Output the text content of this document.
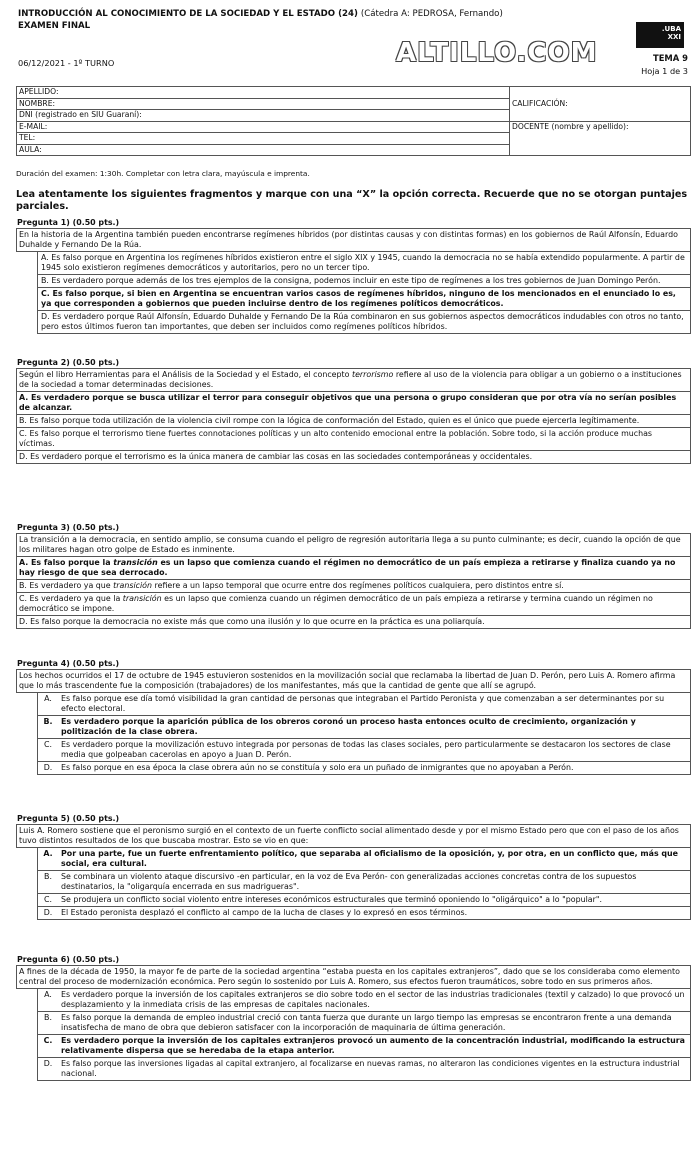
INTRODUCCIÓN AL CONOCIMIENTO DE LA SOCIEDAD Y EL ESTADO (24) (Cátedra A: PEDROSA, Fernando)
EXAMEN FINAL
06/12/2021 - 1º TURNO	ALTILLO.COM
.UBA
XXI
TEMA 9
Hoja 1 de 3
APELLIDO:	CALIFICACIÓN:
NOMBRE:	
DNI (registrado en SIU Guaraní):	
E-MAIL:	DOCENTE (nombre y apellido):
TEL:	
AULA:	
Duración del examen: 1:30h. Completar con letra clara, mayúscula e imprenta.
Lea atentamente los siguientes fragmentos y marque con una “X” la opción correcta. Recuerde que no se otorgan puntajes parciales.
Pregunta 1) (0.50 pts.)
En la historia de la Argentina también pueden encontrarse regímenes híbridos (por distintas causas y con distintas formas) en los gobiernos de Raúl Alfonsín, Eduardo Duhalde y Fernando De la Rúa.
A. Es falso porque en Argentina los regímenes híbridos existieron entre el siglo XIX y 1945, cuando la democracia no se había extendido popularmente. A partir de 1945 solo existieron regímenes democráticos y autoritarios, pero no un tercer tipo.
B. Es verdadero porque además de los tres ejemplos de la consigna, podemos incluir en este tipo de regímenes a los tres gobiernos de Juan Domingo Perón.
C. Es falso porque, si bien en Argentina se encuentran varios casos de regímenes híbridos, ninguno de los mencionados en el enunciado lo es, ya que corresponden a gobiernos que pueden incluirse dentro de los regímenes políticos democráticos.
D. Es verdadero porque Raúl Alfonsín, Eduardo Duhalde y Fernando De la Rúa combinaron en sus gobiernos aspectos democráticos indudables con otros no tanto, pero estos últimos fueron tan importantes, que deben ser incluidos como regímenes políticos híbridos.
Pregunta 2) (0.50 pts.)
Según el libro Herramientas para el Análisis de la Sociedad y el Estado, el concepto terrorismo refiere al uso de la violencia para obligar a un gobierno o a instituciones de la sociedad a tomar determinadas decisiones.
A. Es verdadero porque se busca utilizar el terror para conseguir objetivos que una persona o grupo consideran que por otra vía no serían posibles de alcanzar.
B. Es falso porque toda utilización de la violencia civil rompe con la lógica de conformación del Estado, quien es el único que puede ejercerla legítimamente.
C. Es falso porque el terrorismo tiene fuertes connotaciones políticas y un alto contenido emocional entre la población. Sobre todo, si la acción produce muchas víctimas.
D. Es verdadero porque el terrorismo es la única manera de cambiar las cosas en las sociedades contemporáneas y occidentales.
Pregunta 3) (0.50 pts.)
La transición a la democracia, en sentido amplio, se consuma cuando el peligro de regresión autoritaria llega a su punto culminante; es decir, cuando la opción de que los militares hagan otro golpe de Estado es inminente.
A. Es falso porque la transición es un lapso que comienza cuando el régimen no democrático de un país empieza a retirarse y finaliza cuando ya no hay riesgo de que sea derrocado.
B. Es verdadero ya que transición refiere a un lapso temporal que ocurre entre dos regímenes políticos cualquiera, pero distintos entre sí.
C. Es verdadero ya que la transición es un lapso que comienza cuando un régimen democrático de un país empieza a retirarse y termina cuando un régimen no democrático se impone.
D. Es falso porque la democracia no existe más que como una ilusión y lo que ocurre en la práctica es una poliarquía.
Pregunta 4) (0.50 pts.)
Los hechos ocurridos el 17 de octubre de 1945 estuvieron sostenidos en la movilización social que reclamaba la libertad de Juan D. Perón, pero Luis A. Romero afirma que lo más trascendente fue la composición (trabajadores) de los manifestantes, más que la cantidad de gente que allí se agrupó.
A.	Es falso porque ese día tomó visibilidad la gran cantidad de personas que integraban el Partido Peronista y que comenzaban a ser determinantes por su efecto electoral.
B.	Es verdadero porque la aparición pública de los obreros coronó un proceso hasta entonces oculto de crecimiento, organización y politización de la clase obrera.
C.	Es verdadero porque la movilización estuvo integrada por personas de todas las clases sociales, pero particularmente se destacaron los sectores de clase media que golpeaban cacerolas en apoyo a Juan D. Perón.
D.	Es falso porque en esa época la clase obrera aún no se constituía y solo era un puñado de inmigrantes que no apoyaban a Perón.
Pregunta 5) (0.50 pts.)
Luis A. Romero sostiene que el peronismo surgió en el contexto de un fuerte conflicto social alimentado desde y por el mismo Estado pero que con el paso de los años tuvo distintos resultados de los que buscaba mostrar. Esto se vio en que:
A.	Por una parte, fue un fuerte enfrentamiento político, que separaba al oficialismo de la oposición, y, por otra, en un conflicto que, más que social, era cultural.
B.	Se combinara un violento ataque discursivo -en particular, en la voz de Eva Perón- con generalizadas acciones concretas contra de los supuestos destinatarios, la "oligarquía encerrada en sus madrigueras".
C.	Se produjera un conflicto social violento entre intereses económicos estructurales que terminó oponiendo lo "oligárquico" a lo "popular".
D.	El Estado peronista desplazó el conflicto al campo de la lucha de clases y lo expresó en esos términos.
Pregunta 6) (0.50 pts.)
A fines de la década de 1950, la mayor fe de parte de la sociedad argentina “estaba puesta en los capitales extranjeros”, dado que se los consideraba como elemento central del proceso de modernización económica. Pero según lo sostenido por Luis A. Romero, sus efectos fueron traumáticos, sobre todo en sus primeros años.
A.	Es verdadero porque la inversión de los capitales extranjeros se dio sobre todo en el sector de las industrias tradicionales (textil y calzado) lo que provocó un desplazamiento y la inmediata crisis de las empresas de capitales nacionales.
B.	Es falso porque la demanda de empleo industrial creció con tanta fuerza que durante un largo tiempo las empresas se encontraron frente a una demanda insatisfecha de mano de obra que debieron satisfacer con la incorporación de maquinaria de última generación.
C.	Es verdadero porque la inversión de los capitales extranjeros provocó un aumento de la concentración industrial, modificando la estructura relativamente dispersa que se heredaba de la etapa anterior.
D.	Es falso porque las inversiones ligadas al capital extranjero, al focalizarse en nuevas ramas, no alteraron las condiciones vigentes en la estructura industrial nacional.
